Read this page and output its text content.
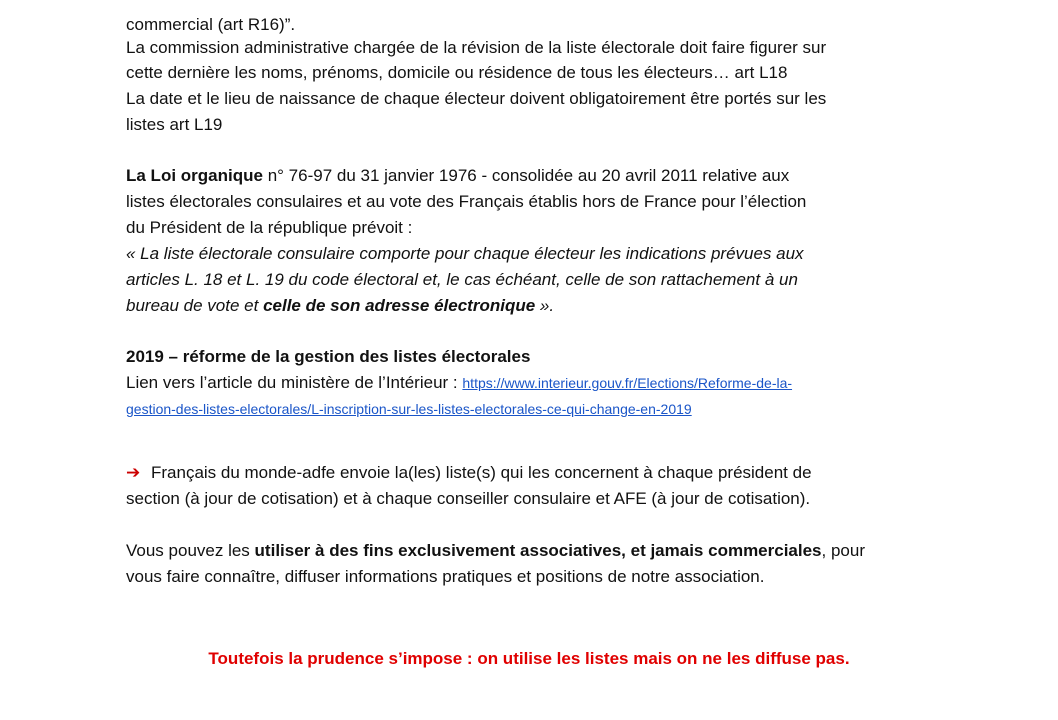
commercial (art R16)”.
La commission administrative chargée de la révision de la liste électorale doit faire figurer sur
cette dernière les noms, prénoms, domicile ou résidence de tous les électeurs… art L18
La date et le lieu de naissance de chaque électeur doivent obligatoirement être portés sur les
listes art L19
La Loi organique n° 76-97 du 31 janvier 1976 - consolidée au 20 avril 2011 relative aux
listes électorales consulaires et au vote des Français établis hors de France pour l’élection
du Président de la république prévoit :
« La liste électorale consulaire comporte pour chaque électeur les indications prévues aux
articles L. 18 et L. 19 du code électoral et, le cas échéant, celle de son rattachement à un
bureau de vote et celle de son adresse électronique ».
2019 – réforme de la gestion des listes électorales
Lien vers l’article du ministère de l’Intérieur : https://www.interieur.gouv.fr/Elections/Reforme-de-la-
gestion-des-listes-electorales/L-inscription-sur-les-listes-electorales-ce-qui-change-en-2019
➔ Français du monde-adfe envoie la(les) liste(s) qui les concernent à chaque président de
section (à jour de cotisation) et à chaque conseiller consulaire et AFE (à jour de cotisation).
Vous pouvez les utiliser à des fins exclusivement associatives, et jamais commerciales, pour
vous faire connaître, diffuser informations pratiques et positions de notre association.
Toutefois la prudence s’impose : on utilise les listes mais on ne les diffuse pas.
